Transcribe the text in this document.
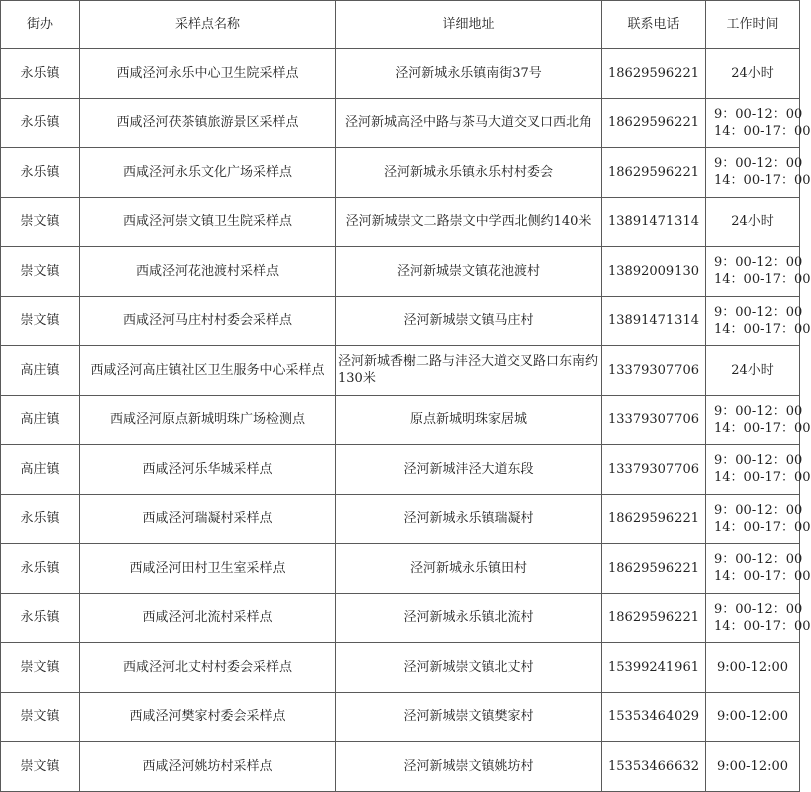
街办	采样点名称	详细地址	联系电话	工作时间
永乐镇	西咸泾河永乐中心卫生院采样点	泾河新城永乐镇南街37号	18629596221	24小时

永乐镇	西咸泾河茯茶镇旅游景区采样点	泾河新城高泾中路与茶马大道交叉口西北角	18629596221	9：00-12：00
14：00-17：00

永乐镇	西咸泾河永乐文化广场采样点	泾河新城永乐镇永乐村村委会	18629596221	9：00-12：00
14：00-17：00

崇文镇	西咸泾河崇文镇卫生院采样点	泾河新城崇文二路崇文中学西北侧约140米	13891471314	24小时

崇文镇	西咸泾河花池渡村采样点	泾河新城崇文镇花池渡村	13892009130	9：00-12：00
14：00-17：00

崇文镇	西咸泾河马庄村村委会采样点	泾河新城崇文镇马庄村	13891471314	9：00-12：00
14：00-17：00

高庄镇	西咸泾河高庄镇社区卫生服务中心采样点	泾河新城香榭二路与沣泾大道交叉路口东南约130米	13379307706	24小时

高庄镇	西咸泾河原点新城明珠广场检测点	原点新城明珠家居城	13379307706	9：00-12：00
14：00-17：00

高庄镇	西咸泾河乐华城采样点	泾河新城沣泾大道东段	13379307706	9：00-12：00
14：00-17：00

永乐镇	西咸泾河瑞凝村采样点	泾河新城永乐镇瑞凝村	18629596221	9：00-12：00
14：00-17：00

永乐镇	西咸泾河田村卫生室采样点	泾河新城永乐镇田村	18629596221	9：00-12：00
14：00-17：00

永乐镇	西咸泾河北流村采样点	泾河新城永乐镇北流村	18629596221	9：00-12：00
14：00-17：00

崇文镇	西咸泾河北丈村村委会采样点	泾河新城崇文镇北丈村	15399241961	9:00-12:00

崇文镇	西咸泾河樊家村委会采样点	泾河新城崇文镇樊家村	15353464029	9:00-12:00

崇文镇	西咸泾河姚坊村采样点	泾河新城崇文镇姚坊村	15353466632	9:00-12:00
